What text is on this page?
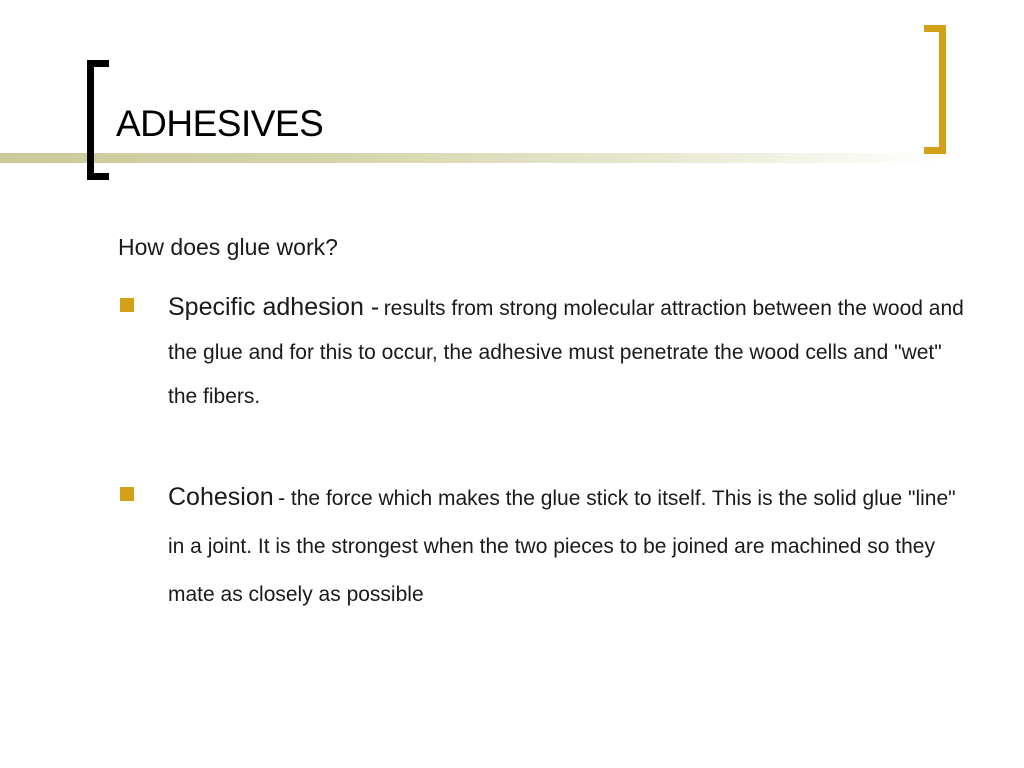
ADHESIVES
How does glue work?
Specific adhesion - results from strong molecular attraction between the wood and the glue and for this to occur, the adhesive must penetrate the wood cells and "wet" the fibers.
Cohesion - the force which makes the glue stick to itself. This is the solid glue "line" in a joint. It is the strongest when the two pieces to be joined are machined so they mate as closely as possible
